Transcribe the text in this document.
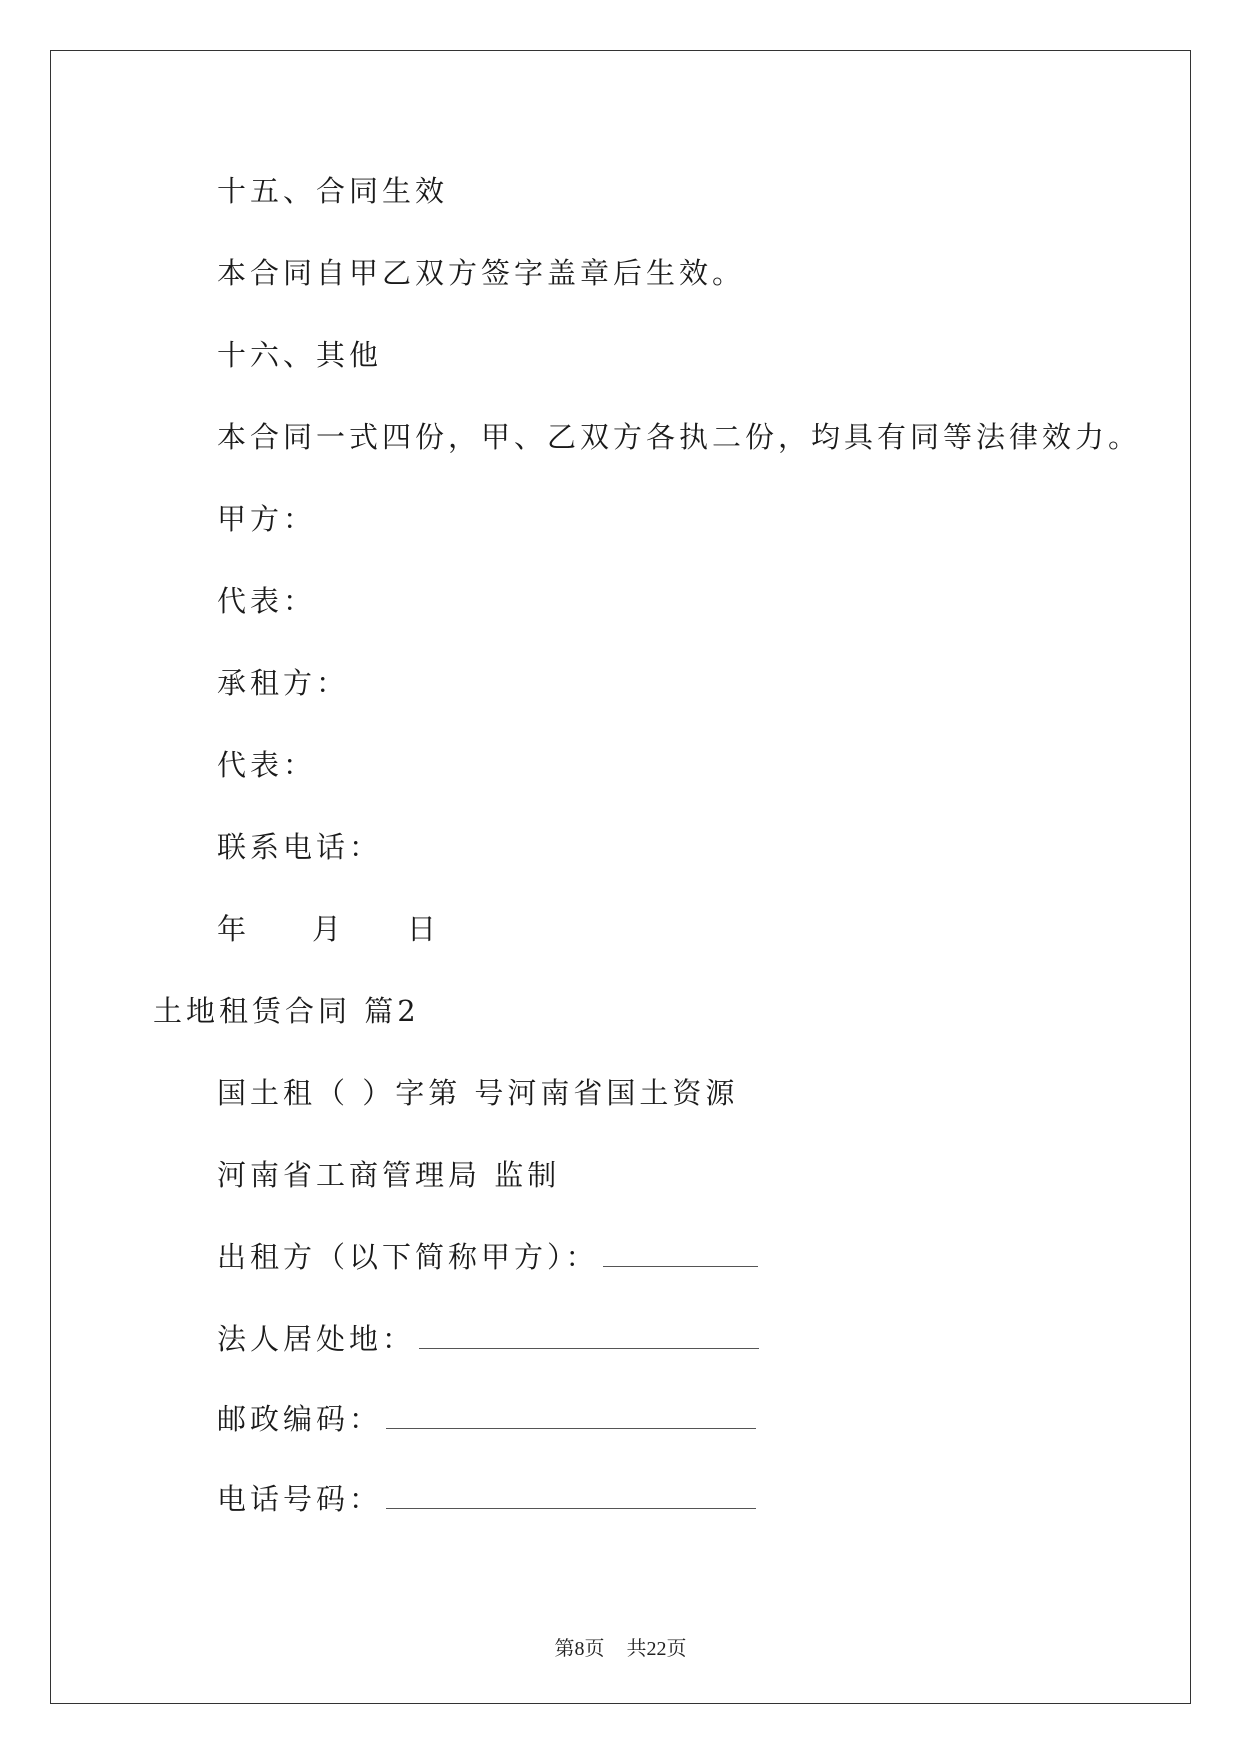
十五、合同生效
本合同自甲乙双方签字盖章后生效。
十六、其他
本合同一式四份，甲、乙双方各执二份，均具有同等法律效力。
甲方：
代表：
承租方：
代表：
联系电话：
年 月 日
土地租赁合同 篇2
国土租（ ）字第 号河南省国土资源
河南省工商管理局 监制
出租方（以下简称甲方）：
法人居处地：
邮政编码：
电话号码：
第8页 共22页
